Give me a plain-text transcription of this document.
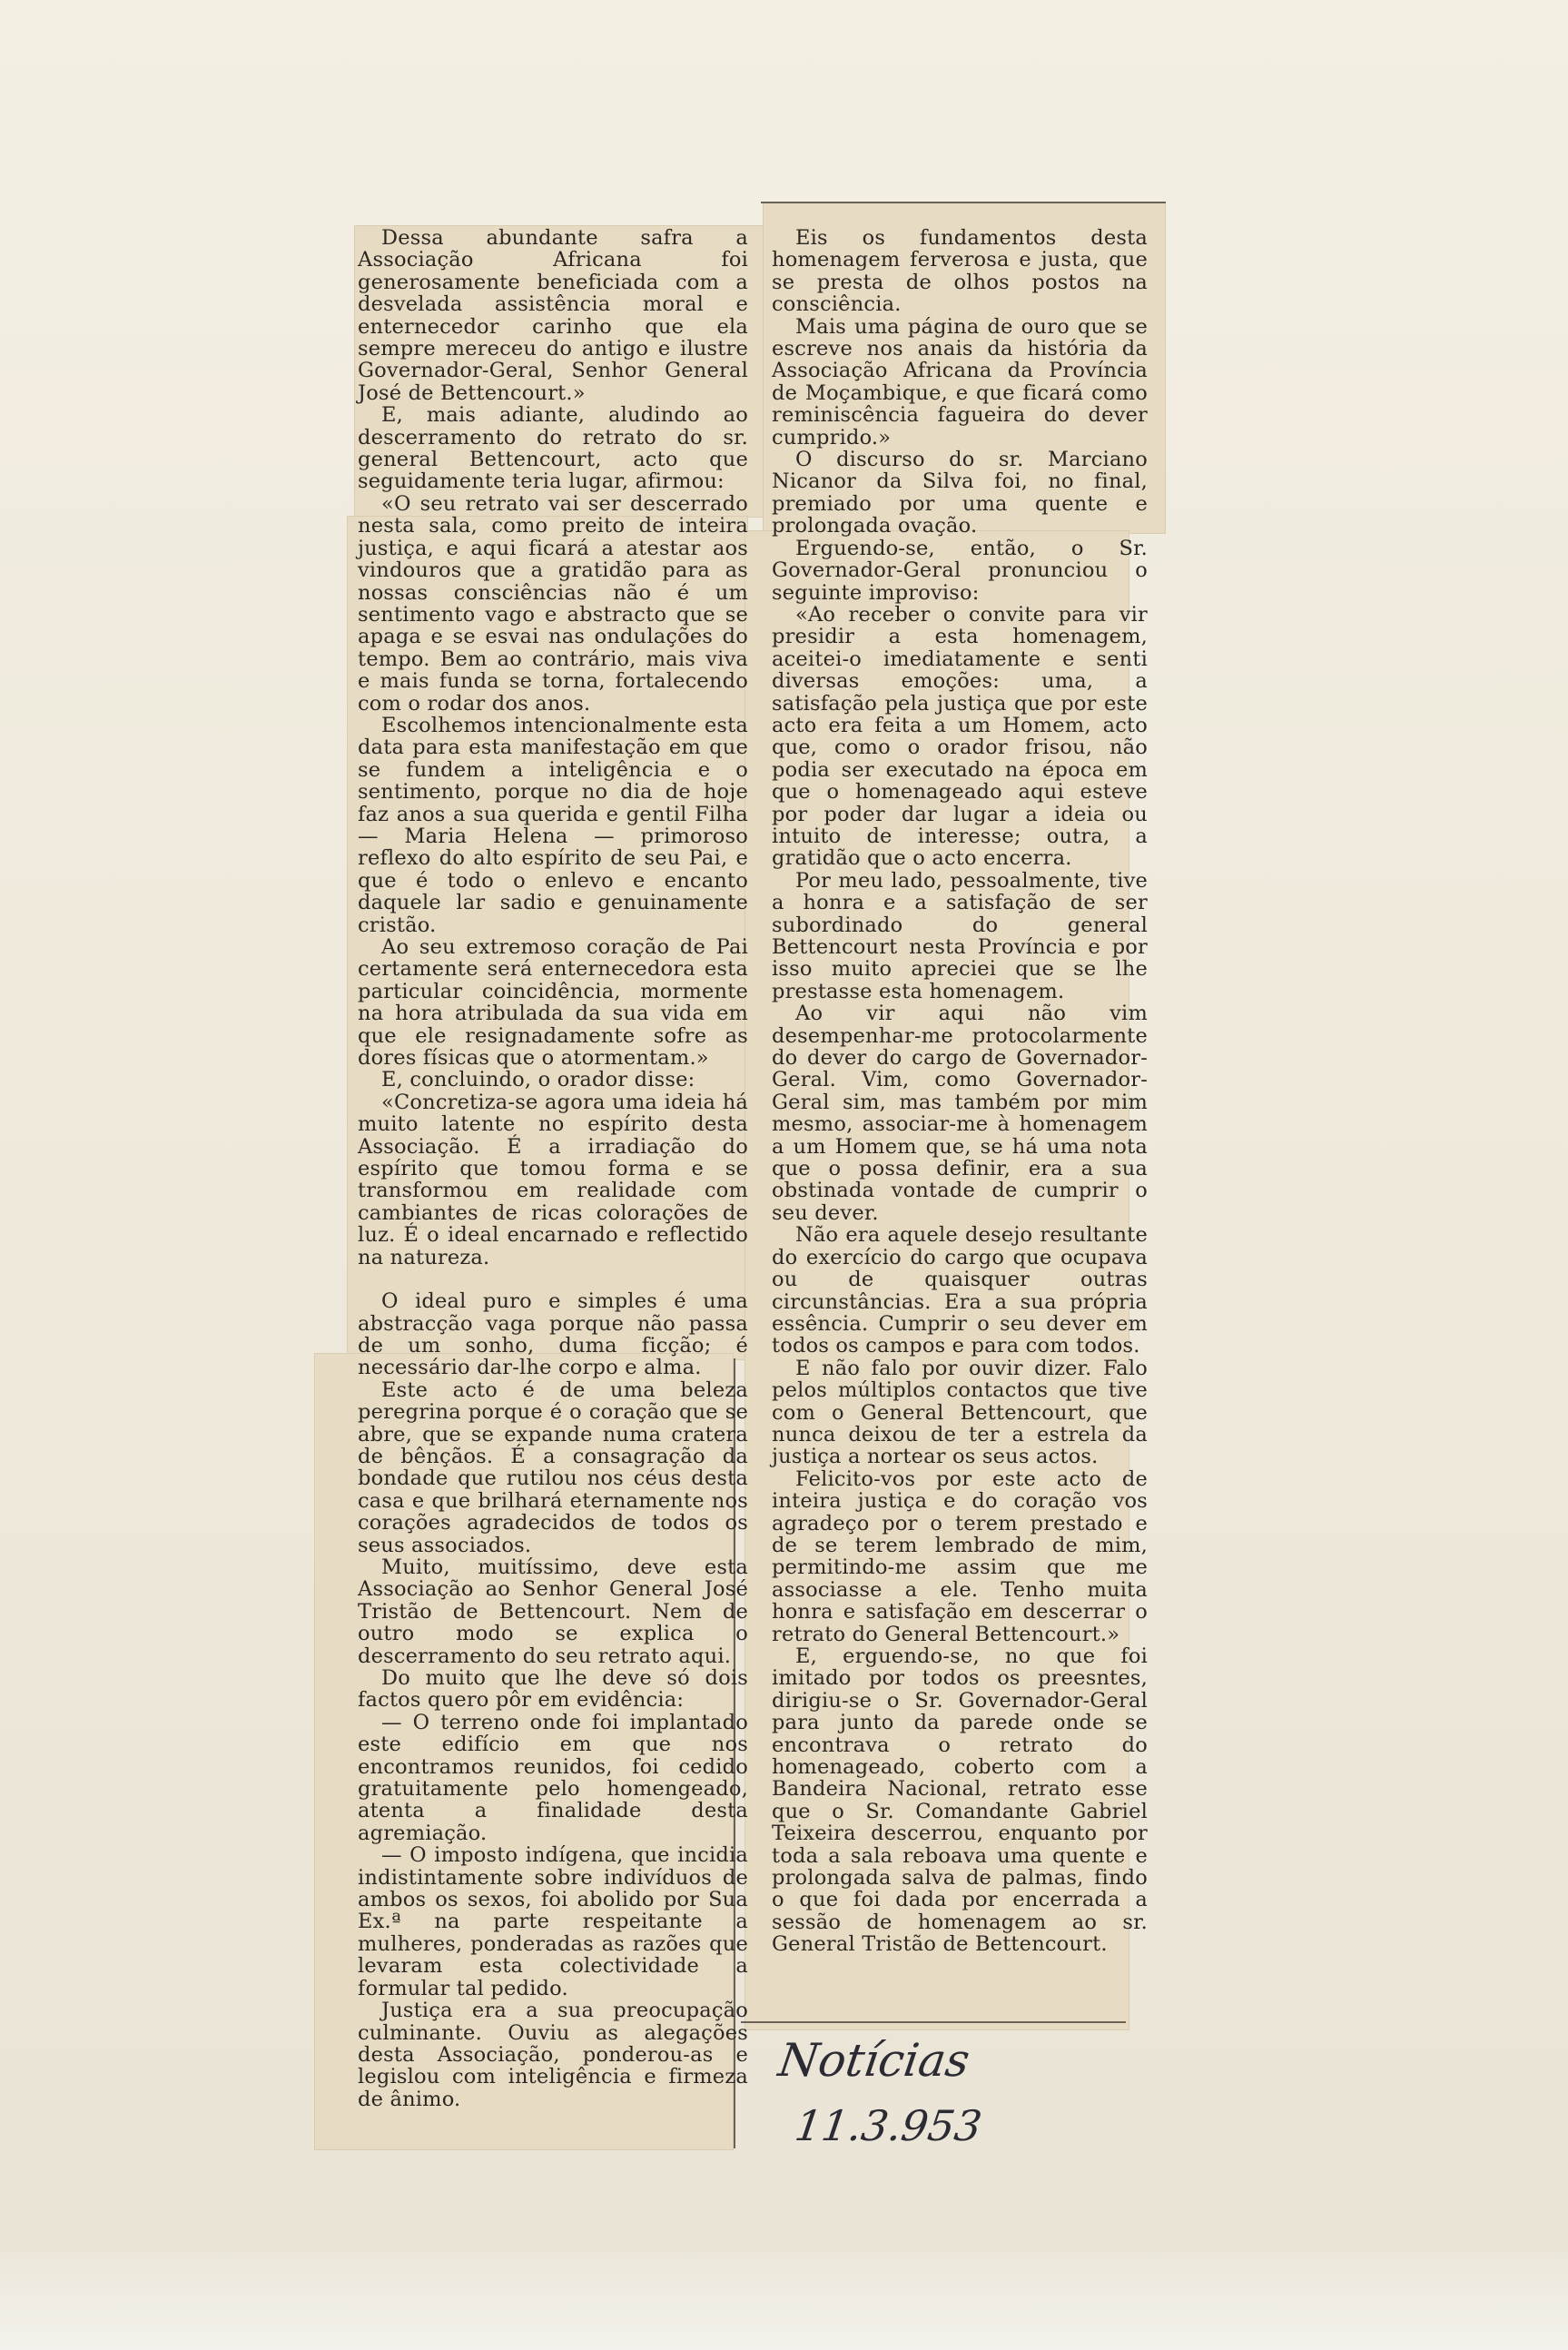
Dessa abundante safra a Associação Africana foi generosamente beneficiada com a desvelada assistência moral e enternecedor carinho que ela sempre mereceu do antigo e ilustre Governador-Geral, Senhor General José de Bettencourt.»

E, mais adiante, aludindo ao descerramento do retrato do sr. general Bettencourt, acto que seguidamente teria lugar, afirmou:

«O seu retrato vai ser descerrado nesta sala, como preito de inteira justiça, e aqui ficará a atestar aos vindouros que a gratidão para as nossas consciências não é um sentimento vago e abstracto que se apaga e se esvai nas ondulações do tempo. Bem ao contrário, mais viva e mais funda se torna, fortalecendo com o rodar dos anos.

Escolhemos intencionalmente esta data para esta manifestação em que se fundem a inteligência e o sentimento, porque no dia de hoje faz anos a sua querida e gentil Filha — Maria Helena — primoroso reflexo do alto espírito de seu Pai, e que é todo o enlevo e encanto daquele lar sadio e genuinamente cristão.

Ao seu extremoso coração de Pai certamente será enternecedora esta particular coincidência, mormente na hora atribulada da sua vida em que ele resignadamente sofre as dores físicas que o atormentam.»

E, concluindo, o orador disse:

«Concretiza-se agora uma ideia há muito latente no espírito desta Associação. É a irradiação do espírito que tomou forma e se transformou em realidade com cambiantes de ricas colorações de luz. É o ideal encarnado e reflectido na natureza.

O ideal puro e simples é uma abstracção vaga porque não passa de um sonho, duma ficção; é necessário dar-lhe corpo e alma.

Este acto é de uma beleza peregrina porque é o coração que se abre, que se expande numa cratera de bênçãos. É a consagração da bondade que rutilou nos céus desta casa e que brilhará eternamente nos corações agradecidos de todos os seus associados.

Muito, muitíssimo, deve esta Associação ao Senhor General José Tristão de Bettencourt. Nem de outro modo se explica o descerramento do seu retrato aqui.

Do muito que lhe deve só dois factos quero pôr em evidência:

— O terreno onde foi implantado este edifício em que nos encontramos reunidos, foi cedido gratuitamente pelo homengeado, atenta a finalidade desta agremiação.

— O imposto indígena, que incidia indistintamente sobre indivíduos de ambos os sexos, foi abolido por Sua Ex.ª na parte respeitante a mulheres, ponderadas as razões que levaram esta colectividade a formular tal pedido.

Justiça era a sua preocupação culminante. Ouviu as alegações desta Associação, ponderou-as e legislou com inteligência e firmeza de ânimo.

Eis os fundamentos desta homenagem ferverosa e justa, que se presta de olhos postos na consciência.

Mais uma página de ouro que se escreve nos anais da história da Associação Africana da Província de Moçambique, e que ficará como reminiscência fagueira do dever cumprido.»

O discurso do sr. Marciano Nicanor da Silva foi, no final, premiado por uma quente e prolongada ovação.

Erguendo-se, então, o Sr. Governador-Geral pronunciou o seguinte improviso:

«Ao receber o convite para vir presidir a esta homenagem, aceitei-o imediatamente e senti diversas emoções: uma, a satisfação pela justiça que por este acto era feita a um Homem, acto que, como o orador frisou, não podia ser executado na época em que o homenageado aqui esteve por poder dar lugar a ideia ou intuito de interesse; outra, a gratidão que o acto encerra.

Por meu lado, pessoalmente, tive a honra e a satisfação de ser subordinado do general Bettencourt nesta Província e por isso muito apreciei que se lhe prestasse esta homenagem.

Ao vir aqui não vim desempenhar-me protocolarmente do dever do cargo de Governador-Geral. Vim, como Governador-Geral sim, mas também por mim mesmo, associar-me à homenagem a um Homem que, se há uma nota que o possa definir, era a sua obstinada vontade de cumprir o seu dever.

Não era aquele desejo resultante do exercício do cargo que ocupava ou de quaisquer outras circunstâncias. Era a sua própria essência. Cumprir o seu dever em todos os campos e para com todos.

E não falo por ouvir dizer. Falo pelos múltiplos contactos que tive com o General Bettencourt, que nunca deixou de ter a estrela da justiça a nortear os seus actos.

Felicito-vos por este acto de inteira justiça e do coração vos agradeço por o terem prestado e de se terem lembrado de mim, permitindo-me assim que me associasse a ele. Tenho muita honra e satisfação em descerrar o retrato do General Bettencourt.»

E, erguendo-se, no que foi imitado por todos os preesntes, dirigiu-se o Sr. Governador-Geral para junto da parede onde se encontrava o retrato do homenageado, coberto com a Bandeira Nacional, retrato esse que o Sr. Comandante Gabriel Teixeira descerrou, enquanto por toda a sala reboava uma quente e prolongada salva de palmas, findo o que foi dada por encerrada a sessão de homenagem ao sr. General Tristão de Bettencourt.

Notícias
11.3.953
